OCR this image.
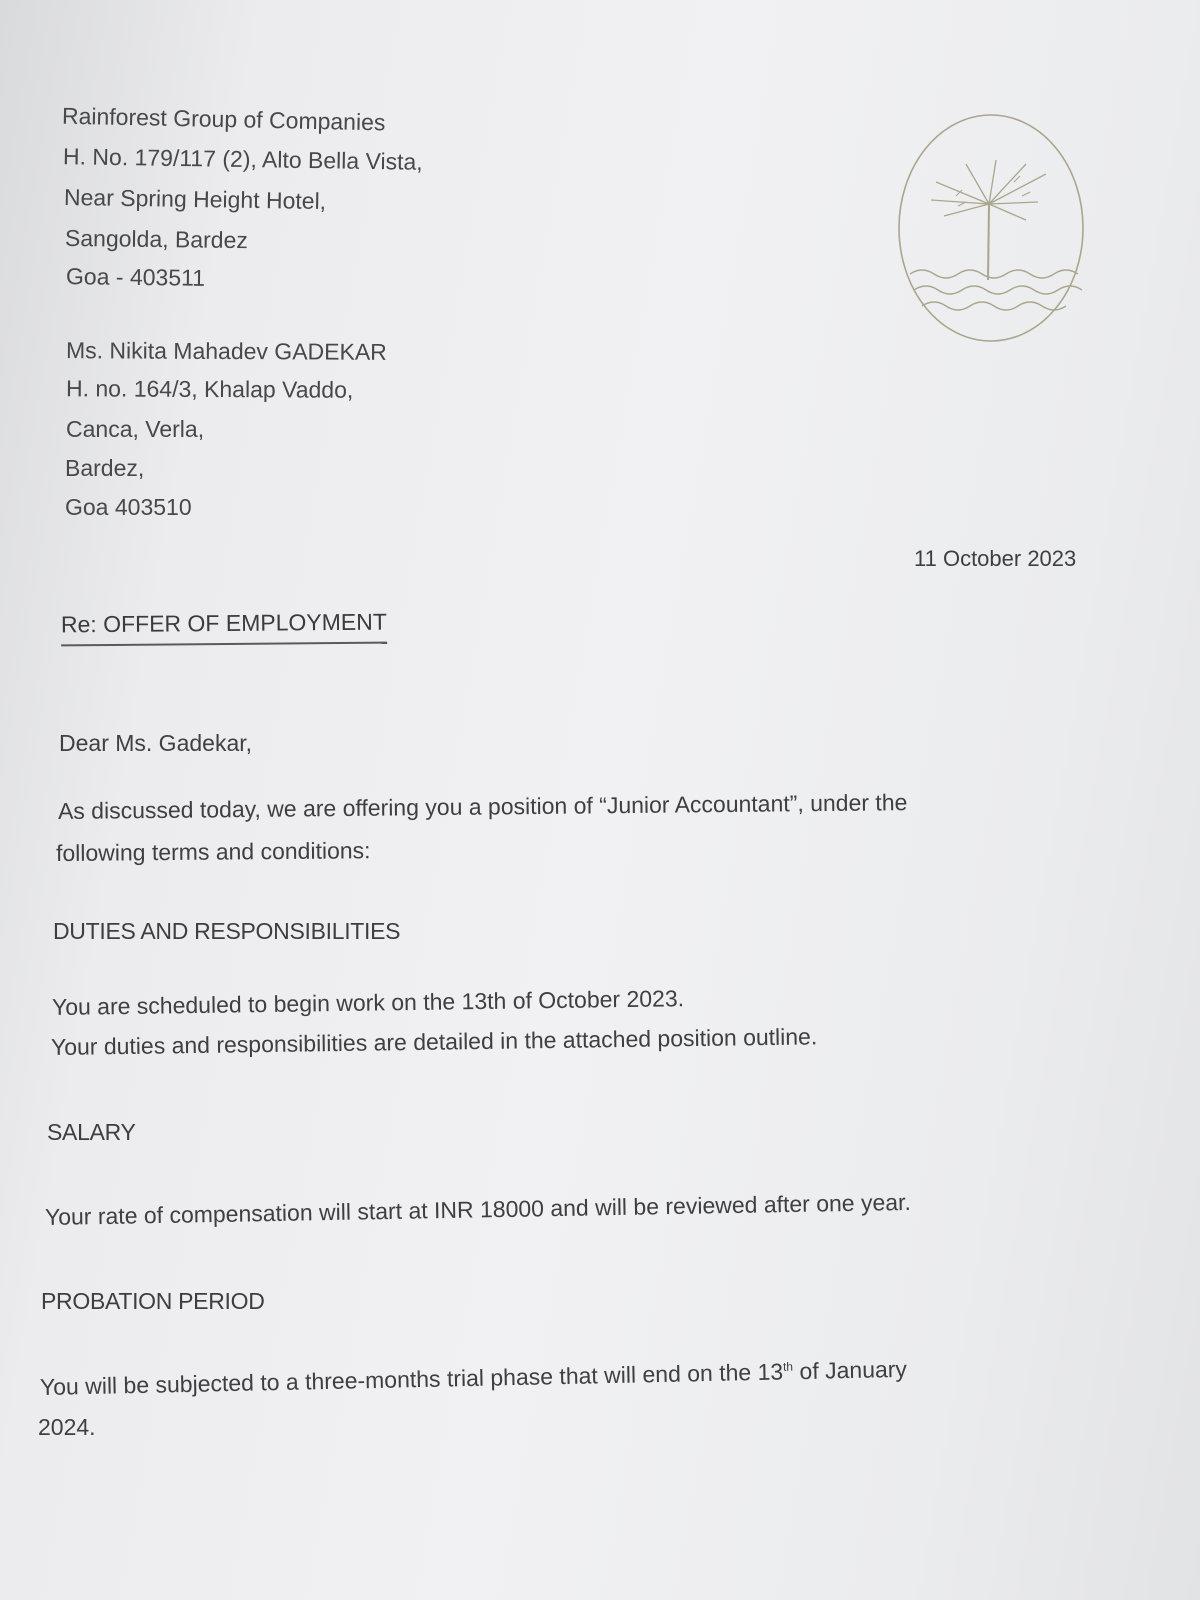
Rainforest Group of Companies
H. No. 179/117 (2), Alto Bella Vista,
Near Spring Height Hotel,
Sangolda, Bardez
Goa - 403511
Ms. Nikita Mahadev GADEKAR
H. no. 164/3, Khalap Vaddo,
Canca, Verla,
Bardez,
Goa 403510
11 October 2023
Re: OFFER OF EMPLOYMENT
Dear Ms. Gadekar,
As discussed today, we are offering you a position of “Junior Accountant”, under the
following terms and conditions:
DUTIES AND RESPONSIBILITIES
You are scheduled to begin work on the 13th of October 2023.
Your duties and responsibilities are detailed in the attached position outline.
SALARY
Your rate of compensation will start at INR 18000 and will be reviewed after one year.
PROBATION PERIOD
You will be subjected to a three-months trial phase that will end on the 13th of January
2024.
